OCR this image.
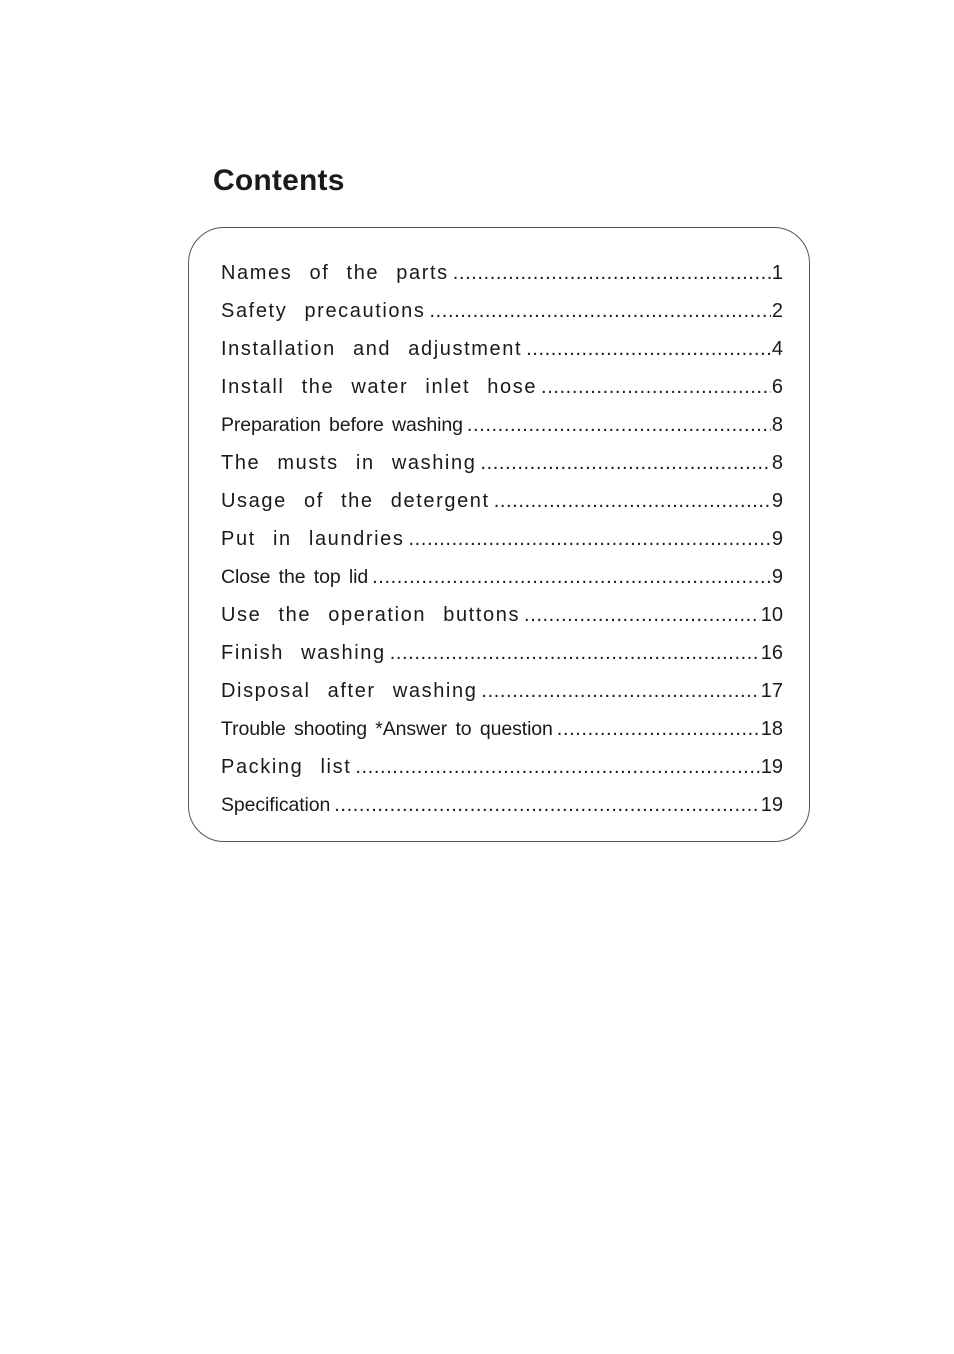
Contents
Names of the parts .....	1
Safety precautions .....	2
Installation and adjustment .....	4
Install the water inlet hose .....	6
Preparation before washing .....	8
The musts in washing .....	8
Usage of the detergent .....	9
Put in laundries .....	9
Close the top lid .....	9
Use the operation buttons .....	10
Finish washing .....	16
Disposal after washing .....	17
Trouble shooting *Answer to question .....	18
Packing list .....	19
Specification .....	19
